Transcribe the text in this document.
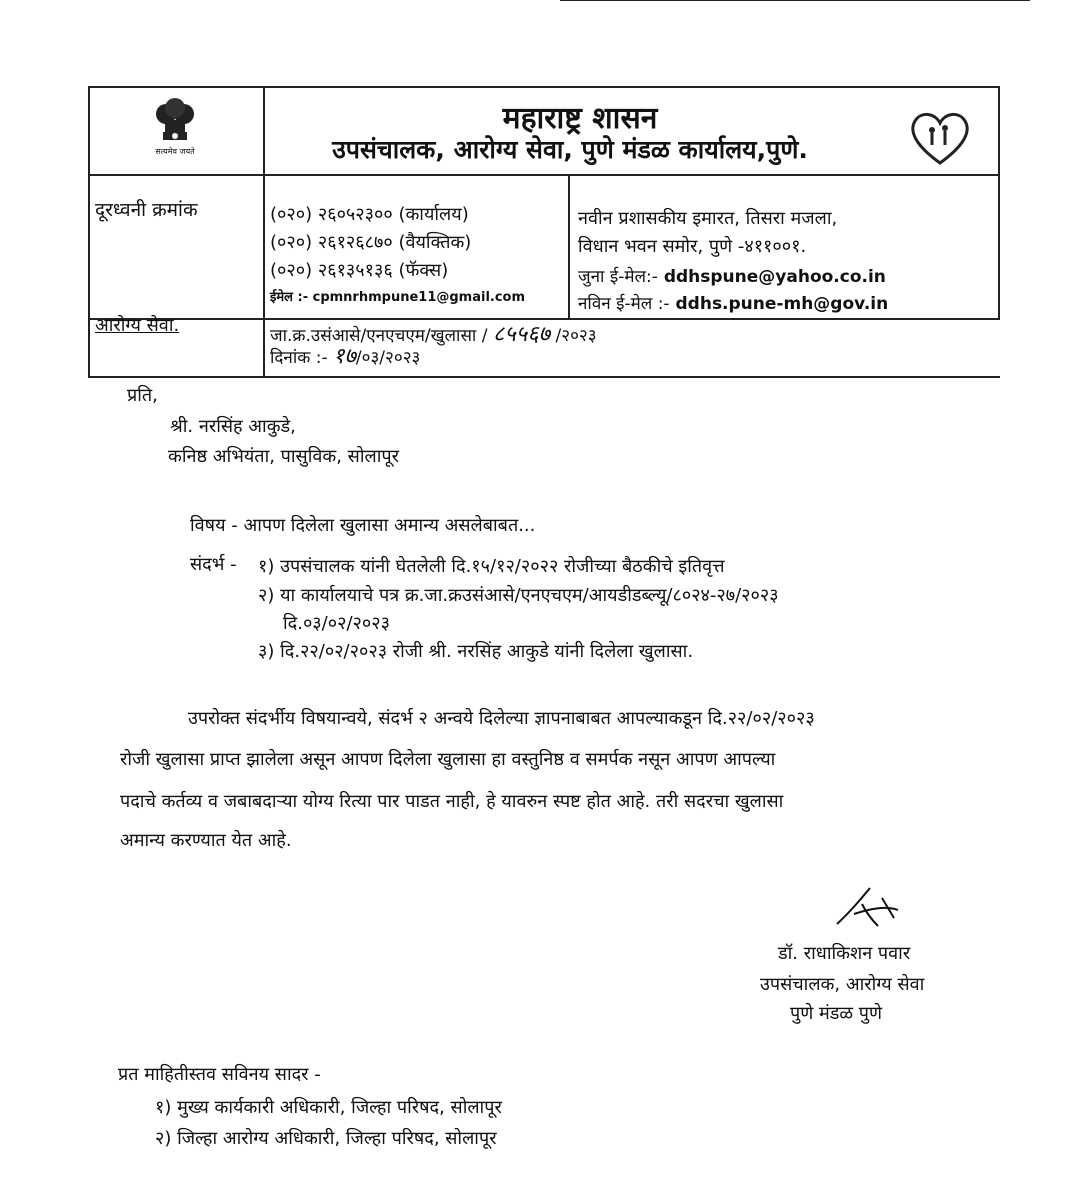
सत्यमेव जयते
महाराष्ट्र शासन
उपसंचालक, आरोग्य सेवा, पुणे मंडळ कार्यालय,पुणे.
दूरध्वनी क्रमांक	(०२०) २६०५२३०० (कार्यालय)
(०२०) २६१२६८७० (वैयक्तिक)
(०२०) २६१३५१३६ (फॅक्स)
ईमेल :- cpmnrhmpune11@gmail.com
नवीन प्रशासकीय इमारत, तिसरा मजला,
विधान भवन समोर, पुणे -४११००१.
जुना ई-मेल:- ddhspune@yahoo.co.in
नविन ई-मेल :- ddhs.pune-mh@gov.in
आरोग्य सेवा.	जा.क्र.उसंआसे/एनएचएम/खुलासा / ८५५६७ /२०२३
दिनांक :- १७/०३/२०२३
प्रति,
श्री. नरसिंह आकुडे,
कनिष्ठ अभियंता, पासुविक, सोलापूर
विषय - आपण दिलेला खुलासा अमान्य असलेबाबत...
संदर्भ - १) उपसंचालक यांनी घेतलेली दि.१५/१२/२०२२ रोजीच्या बैठकीचे इतिवृत्त
२) या कार्यालयाचे पत्र क्र.जा.क्रउसंआसे/एनएचएम/आयडीडब्ल्यू/८०२४-२७/२०२३
दि.०३/०२/२०२३
३) दि.२२/०२/२०२३ रोजी श्री. नरसिंह आकुडे यांनी दिलेला खुलासा.
उपरोक्त संदर्भीय विषयान्वये, संदर्भ २ अन्वये दिलेल्या ज्ञापनाबाबत आपल्याकडून दि.२२/०२/२०२३
रोजी खुलासा प्राप्त झालेला असून आपण दिलेला खुलासा हा वस्तुनिष्ठ व समर्पक नसून आपण आपल्या
पदाचे कर्तव्य व जबाबदाऱ्या योग्य रित्या पार पाडत नाही, हे यावरुन स्पष्ट होत आहे. तरी सदरचा खुलासा
अमान्य करण्यात येत आहे.
डॉ. राधाकिशन पवार
उपसंचालक, आरोग्य सेवा
पुणे मंडळ पुणे
प्रत माहितीस्तव सविनय सादर -
१) मुख्य कार्यकारी अधिकारी, जिल्हा परिषद, सोलापूर
२) जिल्हा आरोग्य अधिकारी, जिल्हा परिषद, सोलापूर
